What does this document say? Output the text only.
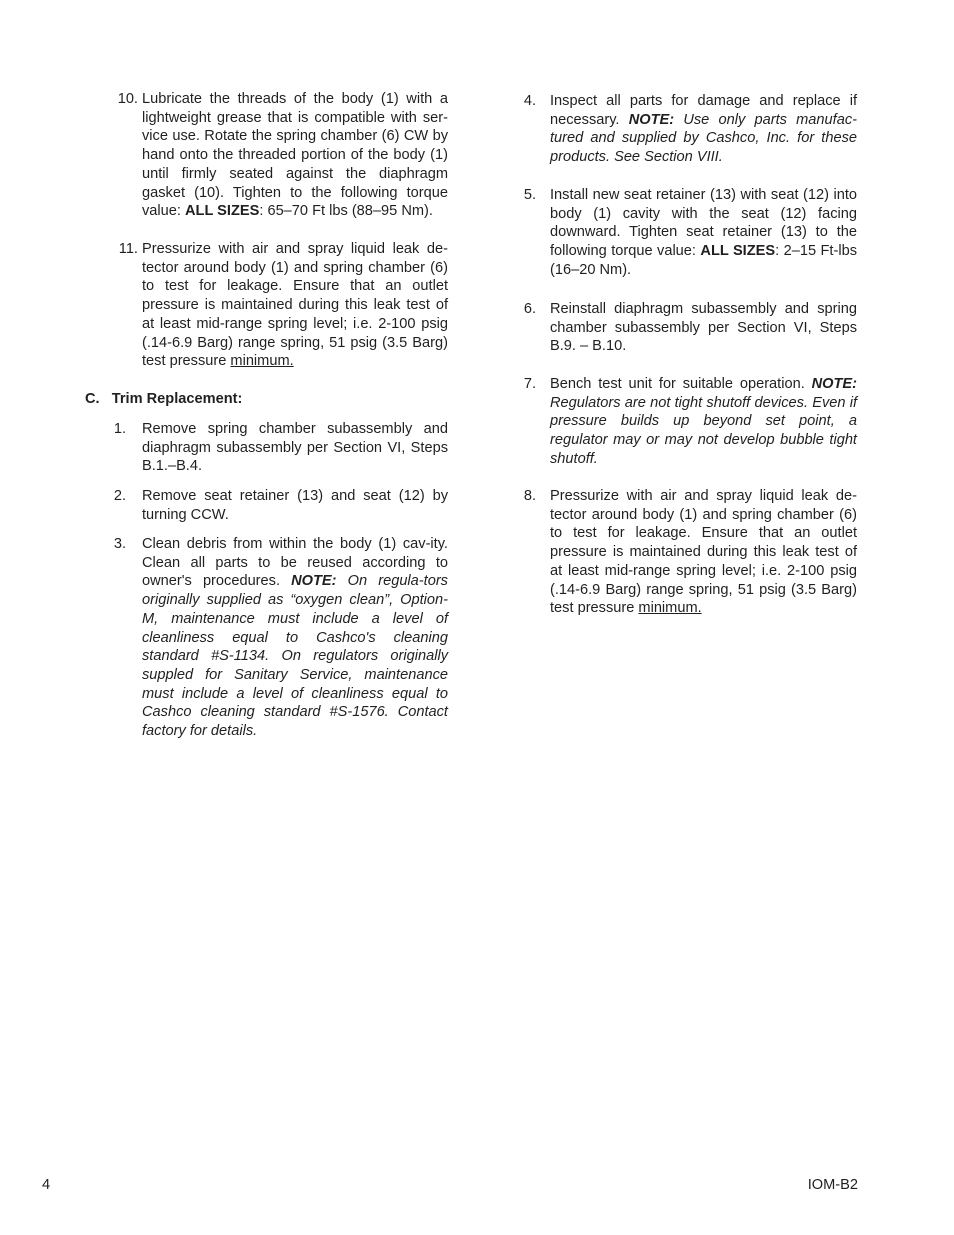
10. Lubricate the threads of the body (1) with a lightweight grease that is compatible with ser-vice use. Rotate the spring chamber (6) CW by hand onto the threaded portion of the body (1) until firmly seated against the diaphragm gasket (10). Tighten to the following torque value: ALL SIZES: 65–70 Ft lbs (88–95 Nm).
11. Pressurize with air and spray liquid leak de-tector around body (1) and spring chamber (6) to test for leakage. Ensure that an outlet pressure is maintained during this leak test of at least mid-range spring level; i.e. 2-100 psig (.14-6.9 Barg) range spring, 51 psig (3.5 Barg) test pressure minimum.
C.   Trim Replacement:
1. Remove spring chamber subassembly and diaphragm subassembly per Section VI, Steps B.1.–B.4.
2. Remove seat retainer (13) and seat (12) by turning CCW.
3. Clean debris from within the body (1) cav-ity. Clean all parts to be reused according to owner's procedures. NOTE: On regula-tors originally supplied as “oxygen clean”, Option-M, maintenance must include a level of cleanliness equal to Cashco's cleaning standard #S-1134. On regulators originally suppled for Sanitary Service, maintenance must include a level of cleanliness equal to Cashco cleaning standard #S-1576. Contact factory for details.
4. Inspect all parts for damage and replace if necessary. NOTE: Use only parts manufac-tured and supplied by Cashco, Inc. for these products. See Section VIII.
5. Install new seat retainer (13) with seat (12) into body (1) cavity with the seat (12) facing downward. Tighten seat retainer (13) to the following torque value: ALL SIZES: 2–15 Ft-lbs (16–20 Nm).
6. Reinstall diaphragm subassembly and spring chamber subassembly per Section VI, Steps B.9. – B.10.
7. Bench test unit for suitable operation. NOTE: Regulators are not tight shutoff devices. Even if pressure builds up beyond set point, a regulator may or may not develop bubble tight shutoff.
8. Pressurize with air and spray liquid leak de-tector around body (1) and spring chamber (6) to test for leakage. Ensure that an outlet pressure is maintained during this leak test of at least mid-range spring level; i.e. 2-100 psig (.14-6.9 Barg) range spring, 51 psig (3.5 Barg) test pressure minimum.
4	IOM-B2
